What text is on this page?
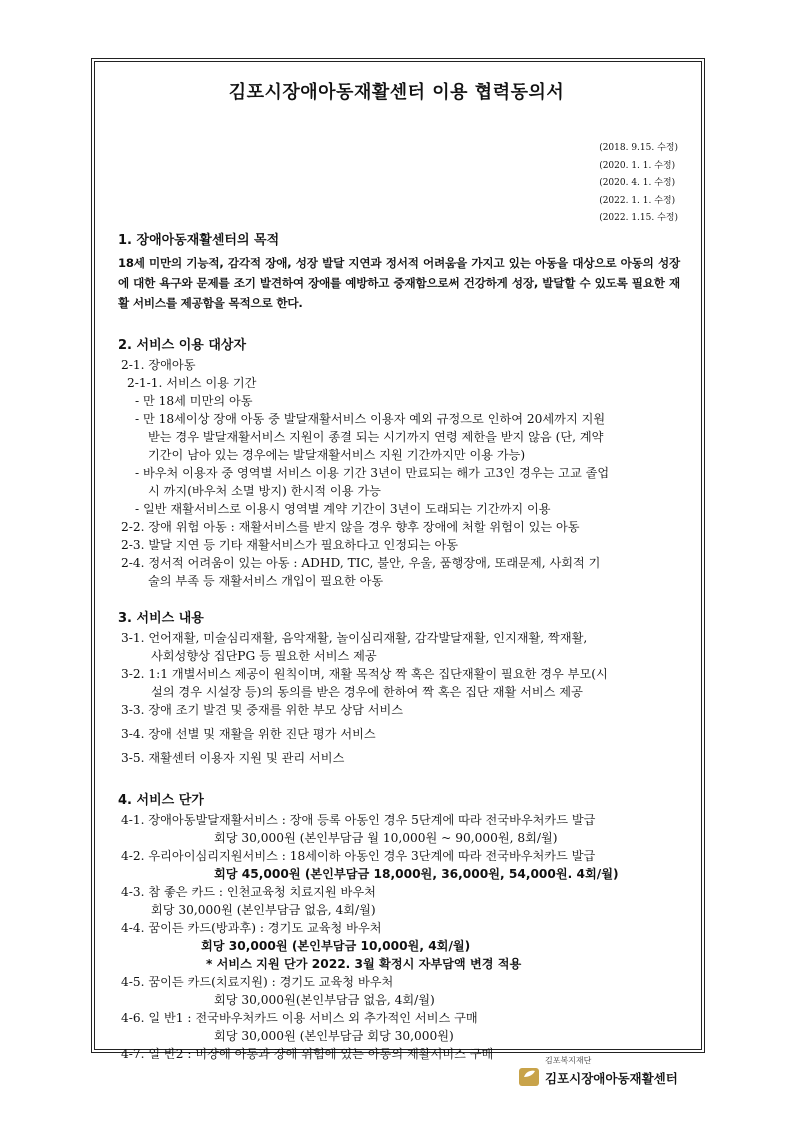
김포시장애아동재활센터 이용 협력동의서
(2018. 9.15. 수정)
(2020. 1. 1. 수정)
(2020. 4. 1. 수정)
(2022. 1. 1. 수정)
(2022. 1.15. 수정)

1. 장애아동재활센터의 목적

18세 미만의 기능적, 감각적 장애, 성장 발달 지연과 정서적 어려움을 가지고 있는 아동을 대상으로 아동의 성장에 대한 욕구와 문제를 조기 발견하여 장애를 예방하고 중재함으로써 건강하게 성장, 발달할 수 있도록 필요한 재활 서비스를 제공함을 목적으로 한다.

2. 서비스 이용 대상자

2-1. 장애아동
2-1-1. 서비스 이용 기간
- 만 18세 미만의 아동
- 만 18세이상 장애 아동 중 발달재활서비스 이용자 예외 규정으로 인하여 20세까지 지원
받는 경우 발달재활서비스 지원이 종결 되는 시기까지 연령 제한을 받지 않음 (단, 계약
기간이 남아 있는 경우에는 발달재활서비스 지원 기간까지만 이용 가능)
- 바우처 이용자 중 영역별 서비스 이용 기간 3년이 만료되는 해가 고3인 경우는 고교 졸업
시 까지(바우처 소멸 방지) 한시적 이용 가능
- 일반 재활서비스로 이용시 영역별 계약 기간이 3년이 도래되는 기간까지 이용
2-2. 장애 위험 아동 : 재활서비스를 받지 않을 경우 향후 장애에 처할 위험이 있는 아동
2-3. 발달 지연 등 기타 재활서비스가 필요하다고 인정되는 아동
2-4. 정서적 어려움이 있는 아동 : ADHD, TIC, 불안, 우울, 품행장애, 또래문제, 사회적 기
술의 부족 등 재활서비스 개입이 필요한 아동

3. 서비스 내용

3-1. 언어재활, 미술심리재활, 음악재활, 놀이심리재활, 감각발달재활, 인지재활, 짝재활,
사회성향상 집단PG 등 필요한 서비스 제공
3-2. 1:1 개별서비스 제공이 원칙이며, 재활 목적상 짝 혹은 집단재활이 필요한 경우 부모(시
설의 경우 시설장 등)의 동의를 받은 경우에 한하여 짝 혹은 집단 재활 서비스 제공
3-3. 장애 조기 발견 및 중재를 위한 부모 상담 서비스
3-4. 장애 선별 및 재활을 위한 진단 평가 서비스
3-5. 재활센터 이용자 지원 및 관리 서비스

4. 서비스 단가

4-1. 장애아동발달재활서비스 : 장애 등록 아동인 경우 5단계에 따라 전국바우처카드 발급
회당 30,000원 (본인부담금 월 10,000원 ~ 90,000원, 8회/월)
4-2. 우리아이심리지원서비스 : 18세이하 아동인 경우 3단계에 따라 전국바우처카드 발급
회당 45,000원 (본인부담금 18,000원, 36,000원, 54,000원. 4회/월)
4-3. 참 좋은 카드 : 인천교육청 치료지원 바우처
회당 30,000원 (본인부담금 없음, 4회/월)
4-4. 꿈이든 카드(방과후) : 경기도 교육청 바우처
회당 30,000원 (본인부담금 10,000원, 4회/월)
* 서비스 지원 단가 2022. 3월 확정시 자부담액 변경 적용
4-5. 꿈이든 카드(치료지원) : 경기도 교육청 바우처
회당 30,000원(본인부담금 없음, 4회/월)
4-6. 일 반1 : 전국바우처카드 이용 서비스 외 추가적인 서비스 구매
회당 30,000원 (본인부담금 회당 30,000원)
4-7. 일 반2 : 비장애 아동과 장애 위험에 있는 아동의 재활서비스 구매	김포복지재단
김포시장애아동재활센터
